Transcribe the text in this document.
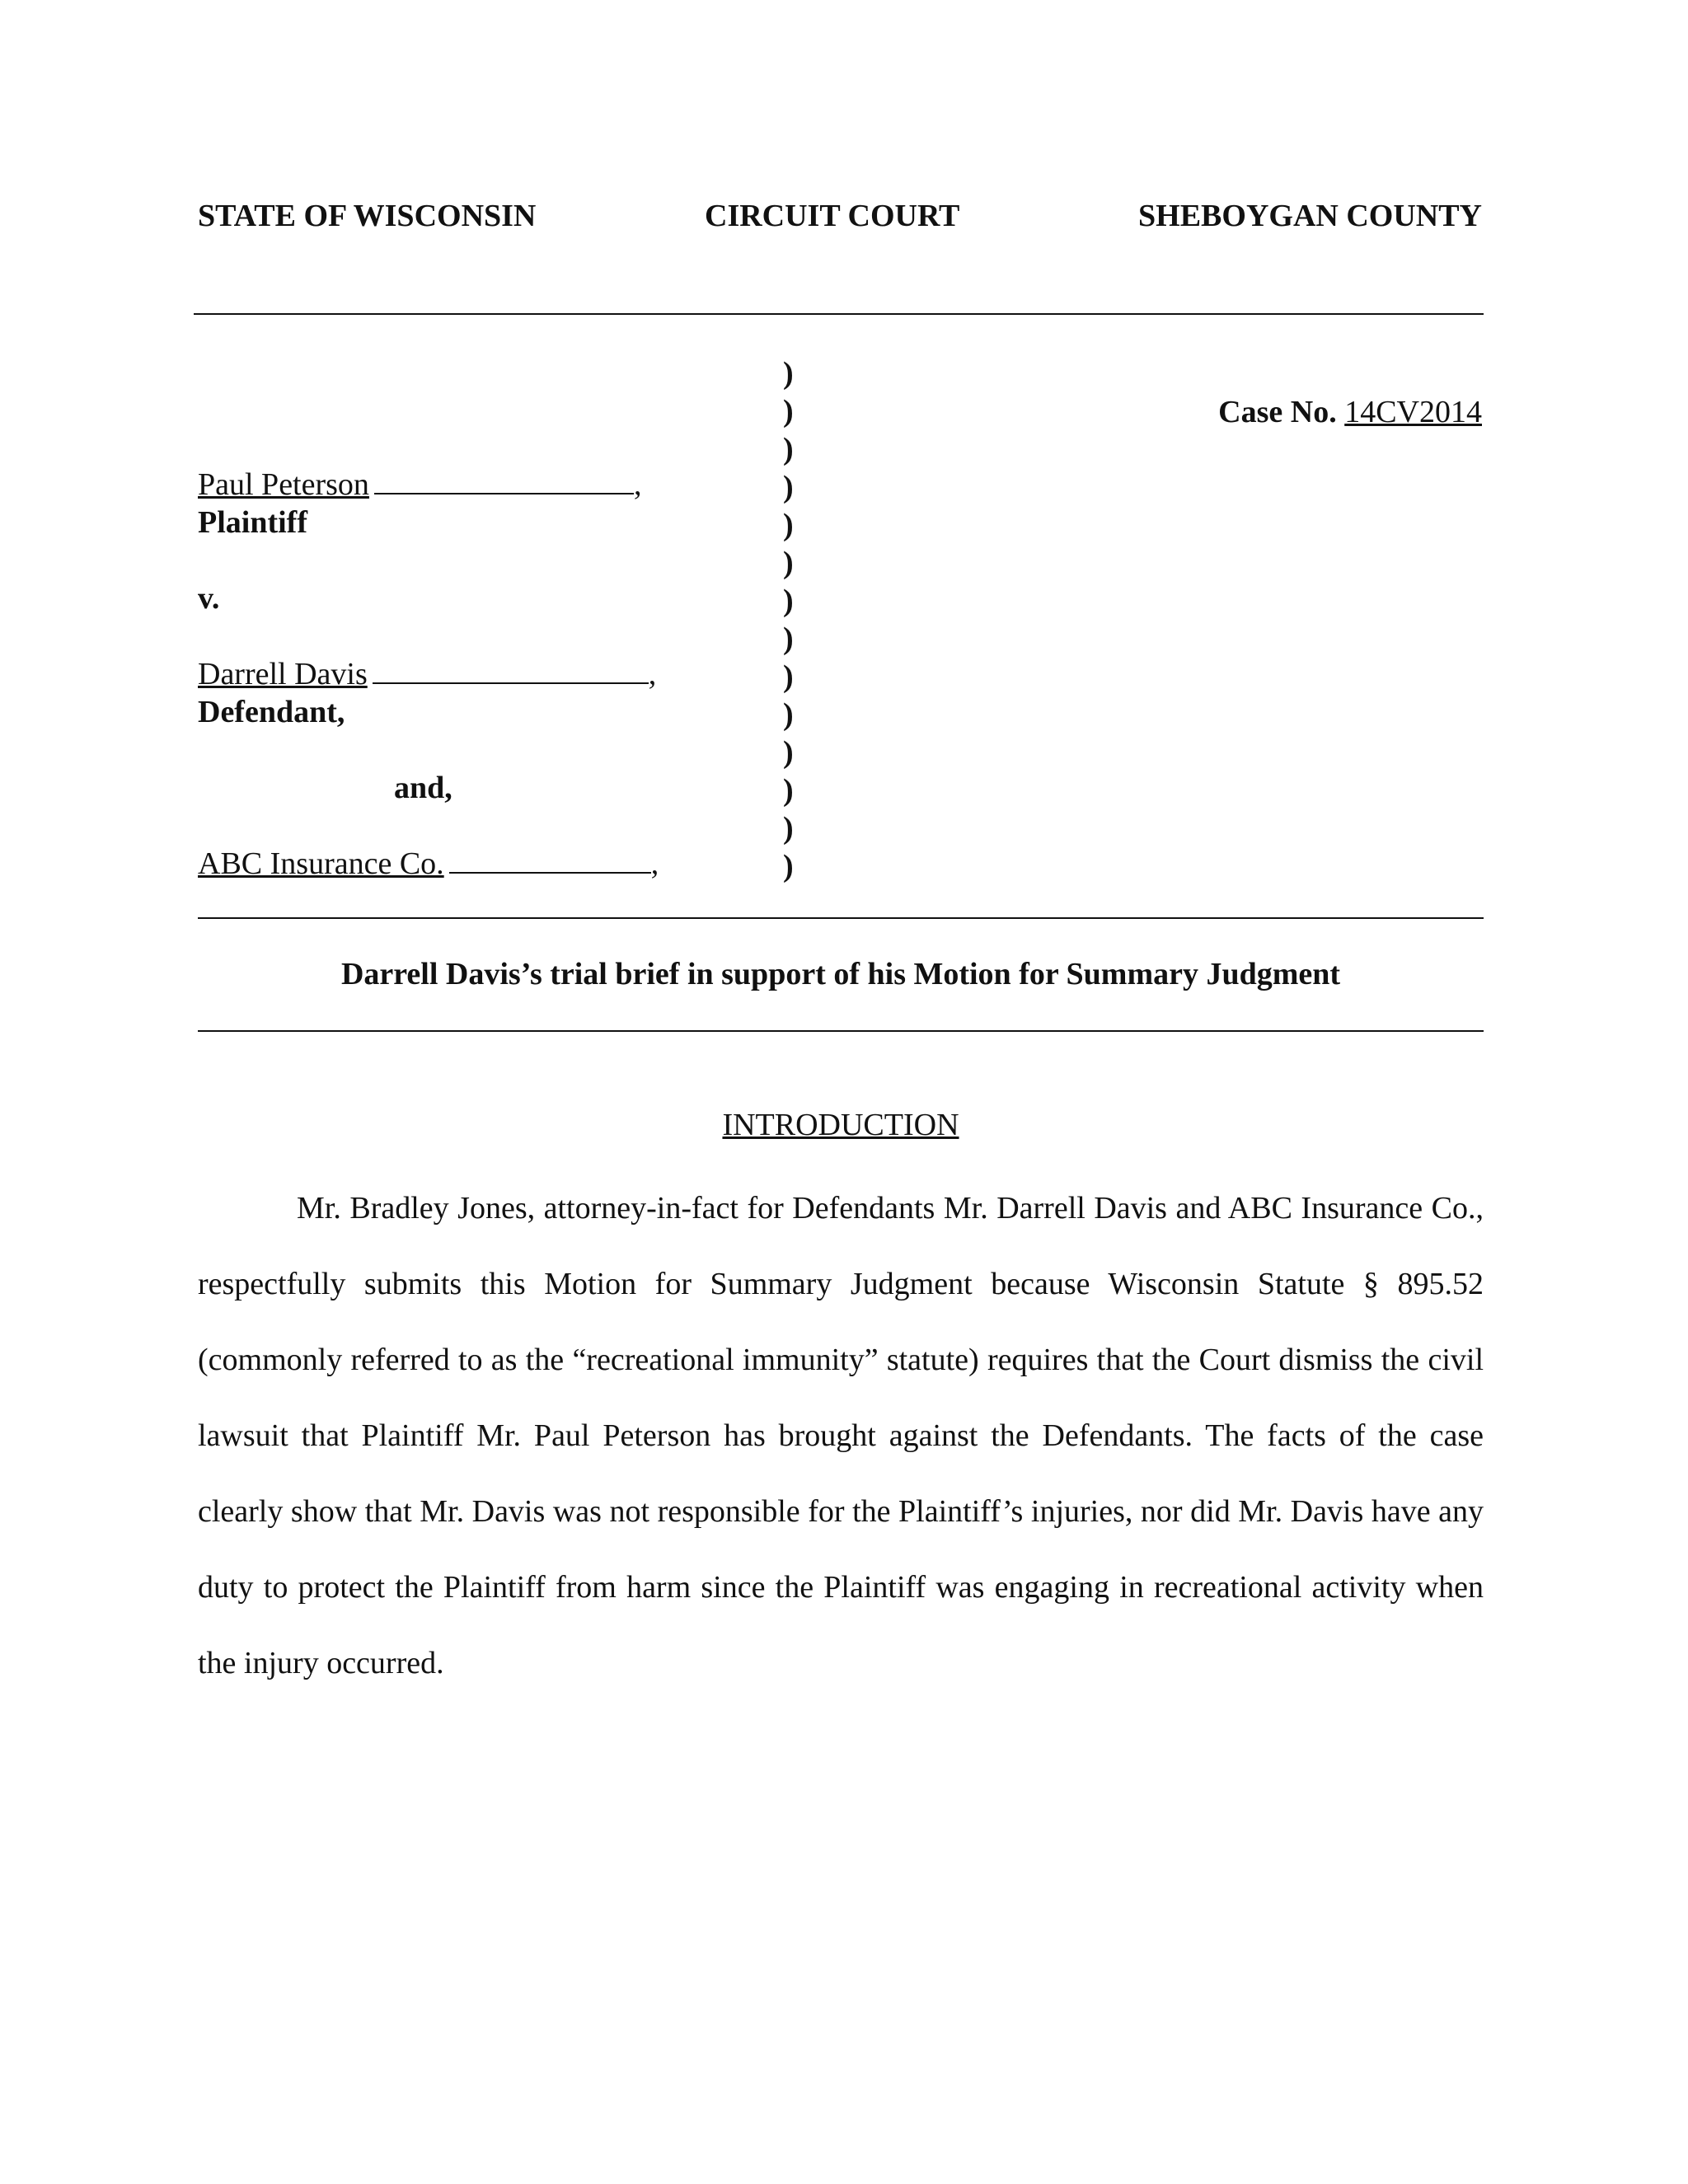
STATE OF WISCONSIN	CIRCUIT COURT	SHEBOYGAN COUNTY
Paul Peterson	,
Plaintiff
v.
Darrell Davis	,
Defendant,
and,
ABC Insurance Co.	,
)
)
)
)
)
)
)
)
)
)
)
)
)
)
Case No. 14CV2014
Darrell Davis’s trial brief in support of his Motion for Summary Judgment
INTRODUCTION
Mr. Bradley Jones, attorney-in-fact for Defendants Mr. Darrell Davis and ABC Insurance Co., respectfully submits this Motion for Summary Judgment because Wisconsin Statute § 895.52 (commonly referred to as the “recreational immunity” statute) requires that the Court dismiss the civil lawsuit that Plaintiff Mr. Paul Peterson has brought against the Defendants. The facts of the case clearly show that Mr. Davis was not responsible for the Plaintiff’s injuries, nor did Mr. Davis have any duty to protect the Plaintiff from harm since the Plaintiff was engaging in recreational activity when the injury occurred.
